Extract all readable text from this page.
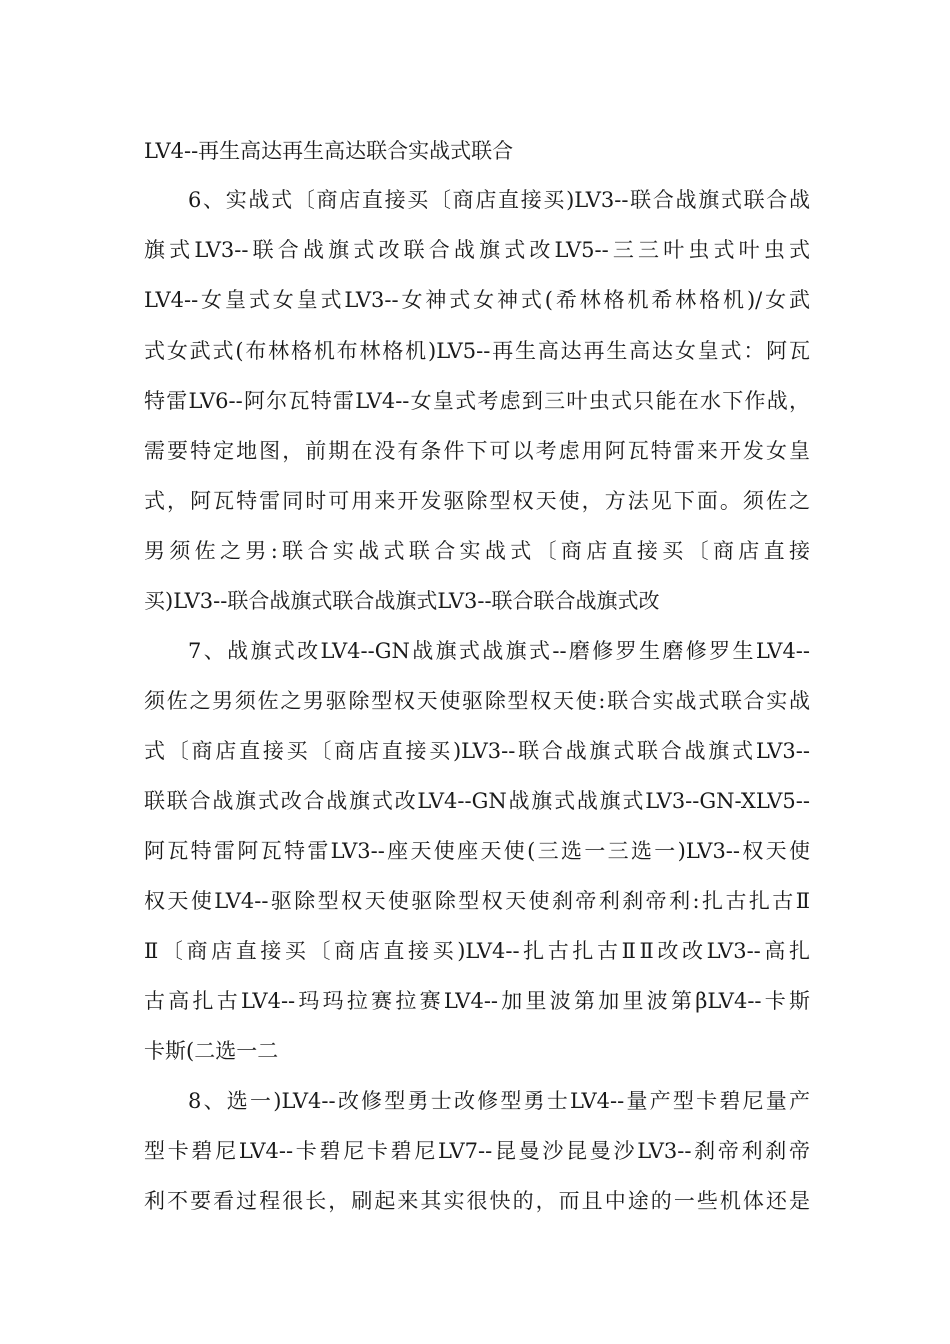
LV4--再生高达再生高达联合实战式联合
6、实战式〔商店直接买〔商店直接买)LV3--联合战旗式联合战
旗式LV3--联合战旗式改联合战旗式改LV5--三三叶虫式叶虫式
LV4--女皇式女皇式LV3--女神式女神式(希林格机希林格机)/女武
式女武式(布林格机布林格机)LV5--再生高达再生高达女皇式：阿瓦
特雷LV6--阿尔瓦特雷LV4--女皇式考虑到三叶虫式只能在水下作战，
需要特定地图，前期在没有条件下可以考虑用阿瓦特雷来开发女皇
式，阿瓦特雷同时可用来开发驱除型权天使，方法见下面。须佐之
男须佐之男:联合实战式联合实战式〔商店直接买〔商店直接
买)LV3--联合战旗式联合战旗式LV3--联合联合战旗式改
7、战旗式改LV4--GN战旗式战旗式--磨修罗生磨修罗生LV4--
须佐之男须佐之男驱除型权天使驱除型权天使:联合实战式联合实战
式〔商店直接买〔商店直接买)LV3--联合战旗式联合战旗式LV3--
联联合战旗式改合战旗式改LV4--GN战旗式战旗式LV3--GN-XLV5--
阿瓦特雷阿瓦特雷LV3--座天使座天使(三选一三选一)LV3--权天使
权天使LV4--驱除型权天使驱除型权天使刹帝利刹帝利:扎古扎古Ⅱ
Ⅱ〔商店直接买〔商店直接买)LV4--扎古扎古ⅡⅡ改改LV3--高扎
古高扎古LV4--玛玛拉赛拉赛LV4--加里波第加里波第βLV4--卡斯
卡斯(二选一二
8、选一)LV4--改修型勇士改修型勇士LV4--量产型卡碧尼量产
型卡碧尼LV4--卡碧尼卡碧尼LV7--昆曼沙昆曼沙LV3--刹帝利刹帝
利不要看过程很长，刷起来其实很快的，而且中途的一些机体还是
